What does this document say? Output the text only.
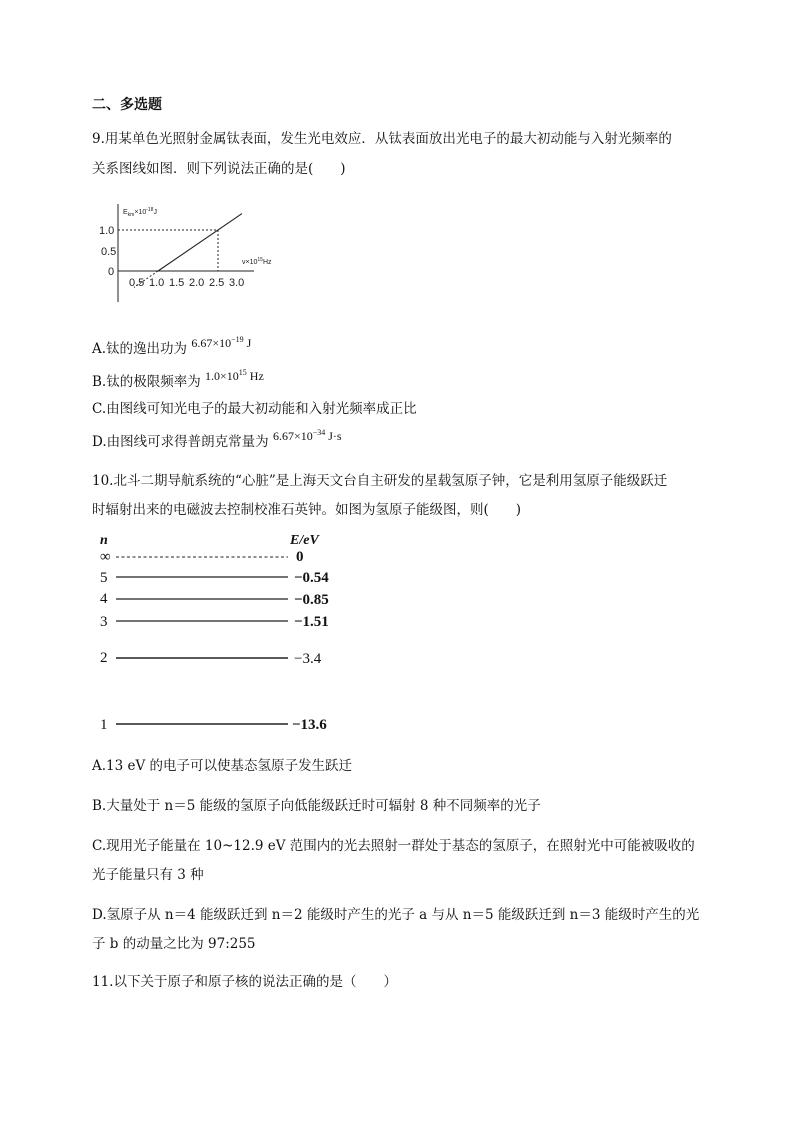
二、多选题
9.用某单色光照射金属钛表面，发生光电效应．从钛表面放出光电子的最大初动能与入射光频率的
关系图线如图．则下列说法正确的是(　　)
$E_{km}\times 10^{-18}J$
$\nu\times 10^{15}Hz$
1.0
0.5
0
0.5 1.0 1.5 2.0 2.5 3.0
A.钛的逸出功为 $6.67\times 10^{-19}$ J
B.钛的极限频率为 $1.0\times 10^{15}$ Hz
C.由图线可知光电子的最大初动能和入射光频率成正比
D.由图线可求得普朗克常量为 $6.67\times 10^{-34}$ J·s
10.北斗二期导航系统的“心脏”是上海天文台自主研发的星载氢原子钟，它是利用氢原子能级跃迁
时辐射出来的电磁波去控制校准石英钟。如图为氢原子能级图，则(　　)
n	E/eV
∞	0
5	−0.54
4	−0.85
3	−1.51
2	−3.4
1	−13.6
A.13 eV 的电子可以使基态氢原子发生跃迁
B.大量处于 n＝5 能级的氢原子向低能级跃迁时可辐射 8 种不同频率的光子
C.现用光子能量在 10~12.9 eV 范围内的光去照射一群处于基态的氢原子，在照射光中可能被吸收的
光子能量只有 3 种
D.氢原子从 n＝4 能级跃迁到 n＝2 能级时产生的光子 a 与从 n＝5 能级跃迁到 n＝3 能级时产生的光
子 b 的动量之比为 97:255
11.以下关于原子和原子核的说法正确的是（　　）
